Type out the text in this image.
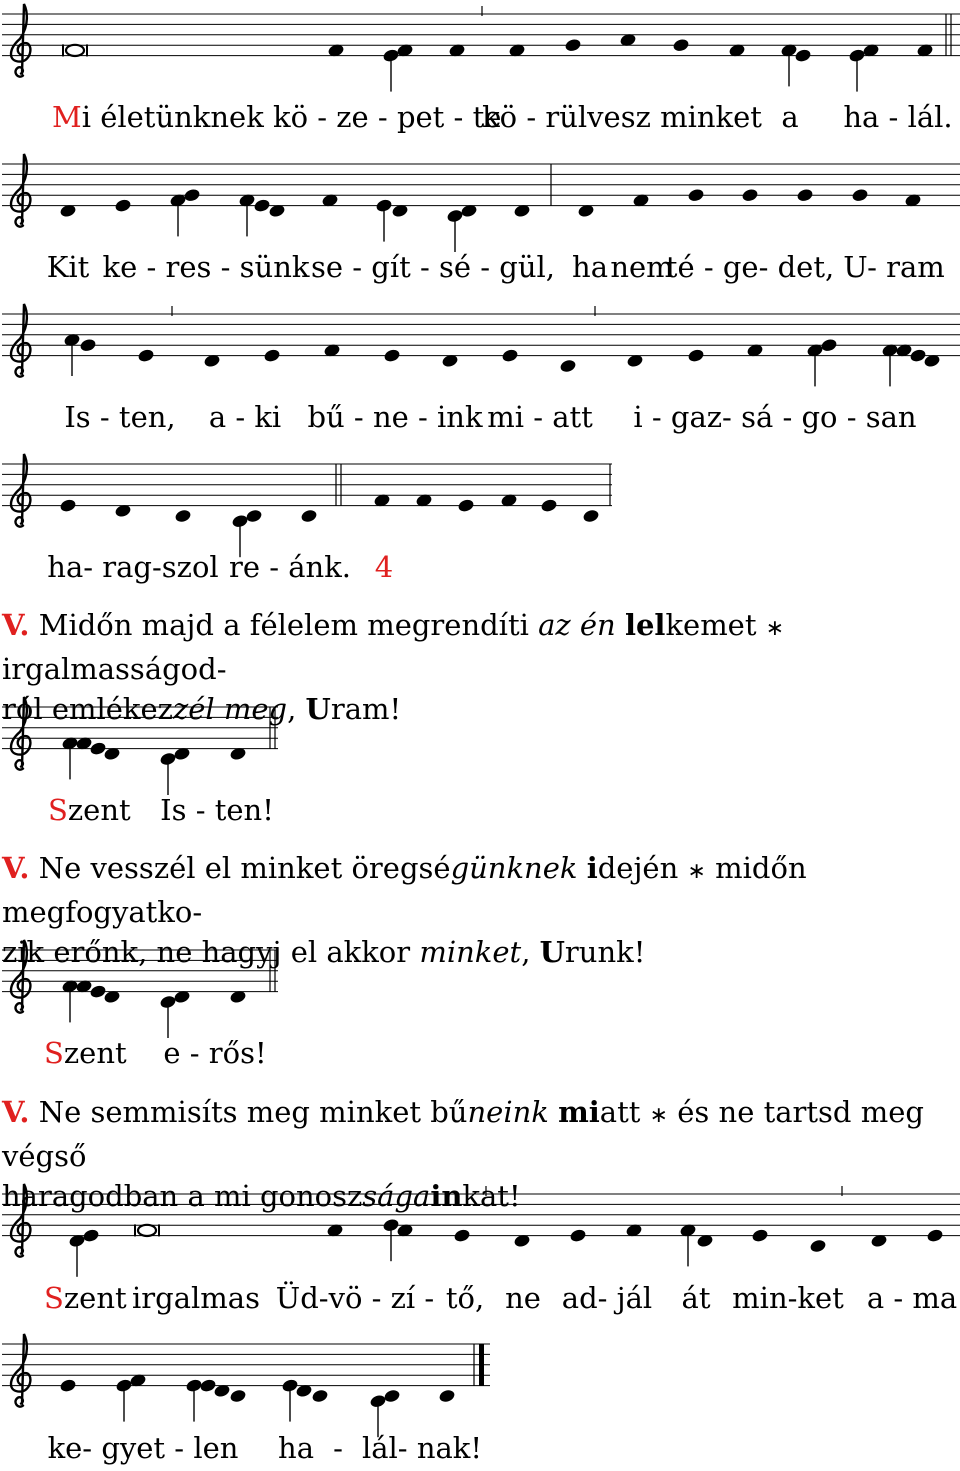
Mi életünknek kö - ze - pet - te
kö - rülvesz minket a ha - lál.
Kit ke - res - sünk se - gít - sé - gül, ha nem
té - ge- det, U- ram
Is - ten, a - ki bű - ne - ink mi - att i - gaz- sá - go - san
ha- rag-szol re - ánk. 4
V. Midőn majd a félelem megrendíti az én lelkemet ∗ irgalmasságod-
ról emlékezzél meg, Uram!
Szent Is - ten!
V. Ne vesszél el minket öregségünknek idején ∗ midőn megfogyatko-
zik erőnk, ne hagyj el akkor minket, Urunk!
Szent e - rős!
V. Ne semmisíts meg minket bűneink miatt ∗ és ne tartsd meg végső
haragodban a mi gonoszságainkat!
Szent irgalmas Üd-vö - zí - tő, ne ad- jál át min-ket a - ma
ke- gyet - len ha - lál- nak!
